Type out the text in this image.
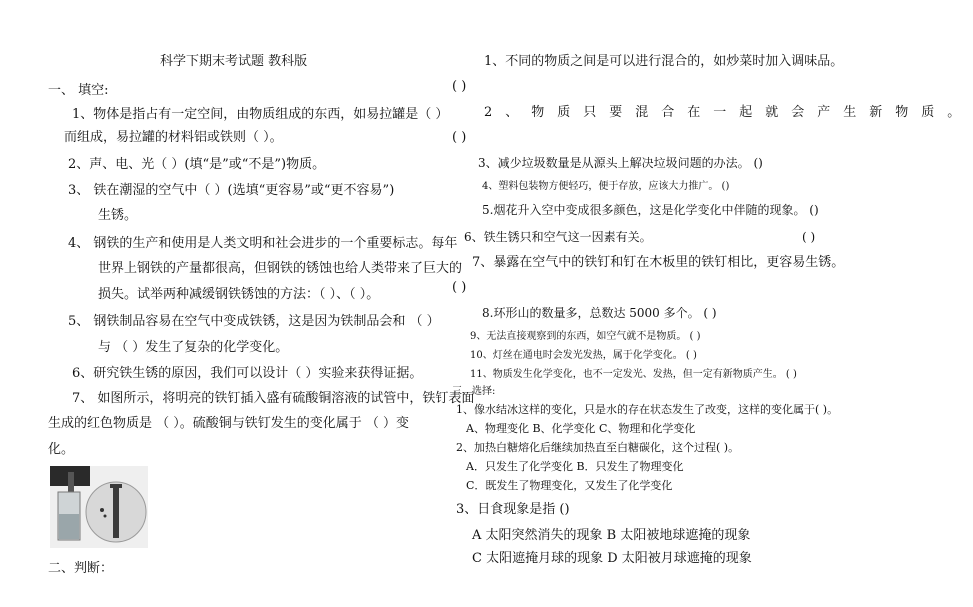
科学下期末考试题 教科版
一、 填空:
1、物体是指占有一定空间，由物质组成的东西，如易拉罐是（ ）
而组成，易拉罐的材料铝或铁则（ ）。
2、声、电、光（ ）(填“是”或“不是”)物质。
3、 铁在潮湿的空气中（ ）(选填“更容易”或“更不容易”)
生锈。
4、 钢铁的生产和使用是人类文明和社会进步的一个重要标志。每年
世界上钢铁的产量都很高，但钢铁的锈蚀也给人类带来了巨大的
损失。试举两种减缓钢铁锈蚀的方法：（ ）、（ ）。
5、 钢铁制品容易在空气中变成铁锈，这是因为铁制品会和 （ ）
与 （ ）发生了复杂的化学变化。
6、研究铁生锈的原因，我们可以设计（ ）实验来获得证据。
7、 如图所示，将明亮的铁钉插入盛有硫酸铜溶液的试管中，铁钉表面
生成的红色物质是 （ ）。硫酸铜与铁钉发生的变化属于 （ ）变
化。
二、判断：
1、不同的物质之间是可以进行混合的，如炒菜时加入调味品。
( )
2、物质只要混合在一起就会产生新物质。
( )
3、减少垃圾数量是从源头上解决垃圾问题的办法。 ()
4、塑料包装物方便轻巧，便于存放，应该大力推广。 ()
5.烟花升入空中变成很多颜色，这是化学变化中伴随的现象。 ()
6、铁生锈只和空气这一因素有关。	( )
7、暴露在空气中的铁钉和钉在木板里的铁钉相比，更容易生锈。
( )
8.环形山的数量多，总数达 5000 多个。 ( )
9、无法直接观察到的东西，如空气就不是物质。 ( )
10、灯丝在通电时会发光发热，属于化学变化。 ( )
11、物质发生化学变化，也不一定发光、发热，但一定有新物质产生。 ( )
三、选择:
1、像水结冰这样的变化，只是水的存在状态发生了改变，这样的变化属于( )。
A、物理变化 B、化学变化 C、物理和化学变化
2、加热白糖熔化后继续加热直至白糖碳化，这个过程( )。
A．只发生了化学变化 B．只发生了物理变化
C．既发生了物理变化，又发生了化学变化
3、日食现象是指 ()
A 太阳突然消失的现象 B 太阳被地球遮掩的现象
C 太阳遮掩月球的现象 D 太阳被月球遮掩的现象
